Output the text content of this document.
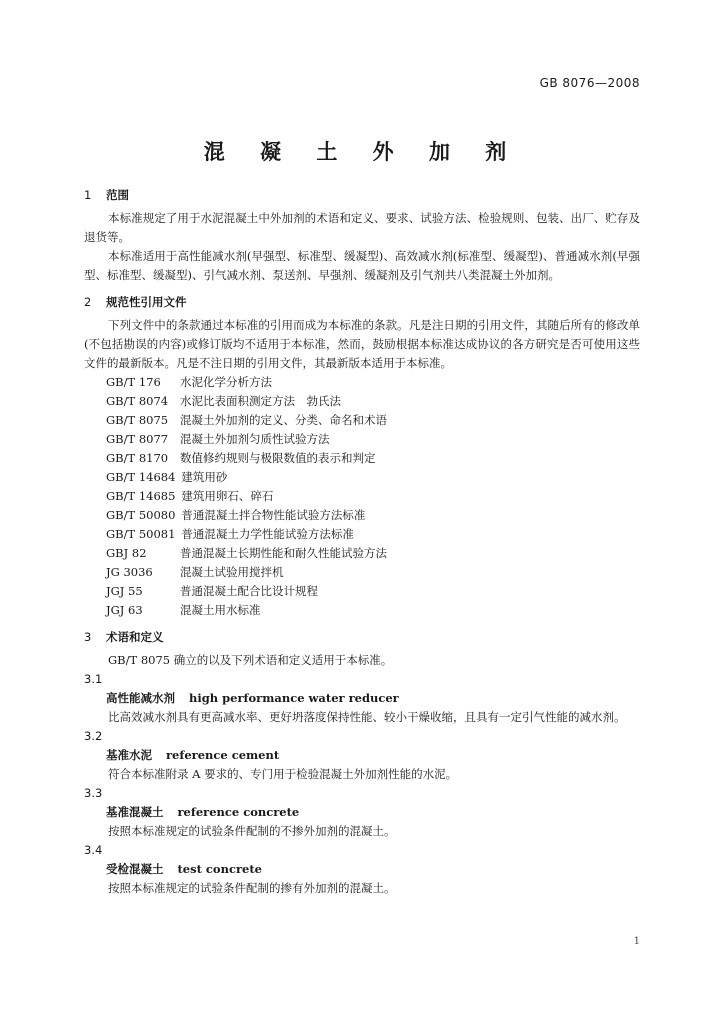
GB 8076—2008
混 凝 土 外 加 剂
1 范围

本标准规定了用于水泥混凝土中外加剂的术语和定义、要求、试验方法、检验规则、包装、出厂、贮存及退货等。

本标准适用于高性能减水剂(早强型、标准型、缓凝型)、高效减水剂(标准型、缓凝型)、普通减水剂(早强型、标准型、缓凝型)、引气减水剂、泵送剂、早强剂、缓凝剂及引气剂共八类混凝土外加剂。

2 规范性引用文件

下列文件中的条款通过本标准的引用而成为本标准的条款。凡是注日期的引用文件，其随后所有的修改单(不包括勘误的内容)或修订版均不适用于本标准，然而，鼓励根据本标准达成协议的各方研究是否可使用这些文件的最新版本。凡是不注日期的引用文件，其最新版本适用于本标准。

GB/T 176 水泥化学分析方法
GB/T 8074 水泥比表面积测定方法　勃氏法
GB/T 8075 混凝土外加剂的定义、分类、命名和术语
GB/T 8077 混凝土外加剂匀质性试验方法
GB/T 8170 数值修约规则与极限数值的表示和判定
GB/T 14684 建筑用砂
GB/T 14685 建筑用卵石、碎石
GB/T 50080 普通混凝土拌合物性能试验方法标准
GB/T 50081 普通混凝土力学性能试验方法标准
GBJ 82	普通混凝土长期性能和耐久性能试验方法
JG 3036 混凝土试验用搅拌机
JGJ 55	普通混凝土配合比设计规程
JGJ 63	混凝土用水标准
3 术语和定义

GB/T 8075 确立的以及下列术语和定义适用于本标准。

3.1
高性能减水剂 high performance water reducer

比高效减水剂具有更高减水率、更好坍落度保持性能、较小干燥收缩，且具有一定引气性能的减水剂。

3.2
基准水泥 reference cement

符合本标准附录 A 要求的、专门用于检验混凝土外加剂性能的水泥。

3.3
基准混凝土 reference concrete

按照本标准规定的试验条件配制的不掺外加剂的混凝土。

3.4
受检混凝土 test concrete

按照本标准规定的试验条件配制的掺有外加剂的混凝土。

1
